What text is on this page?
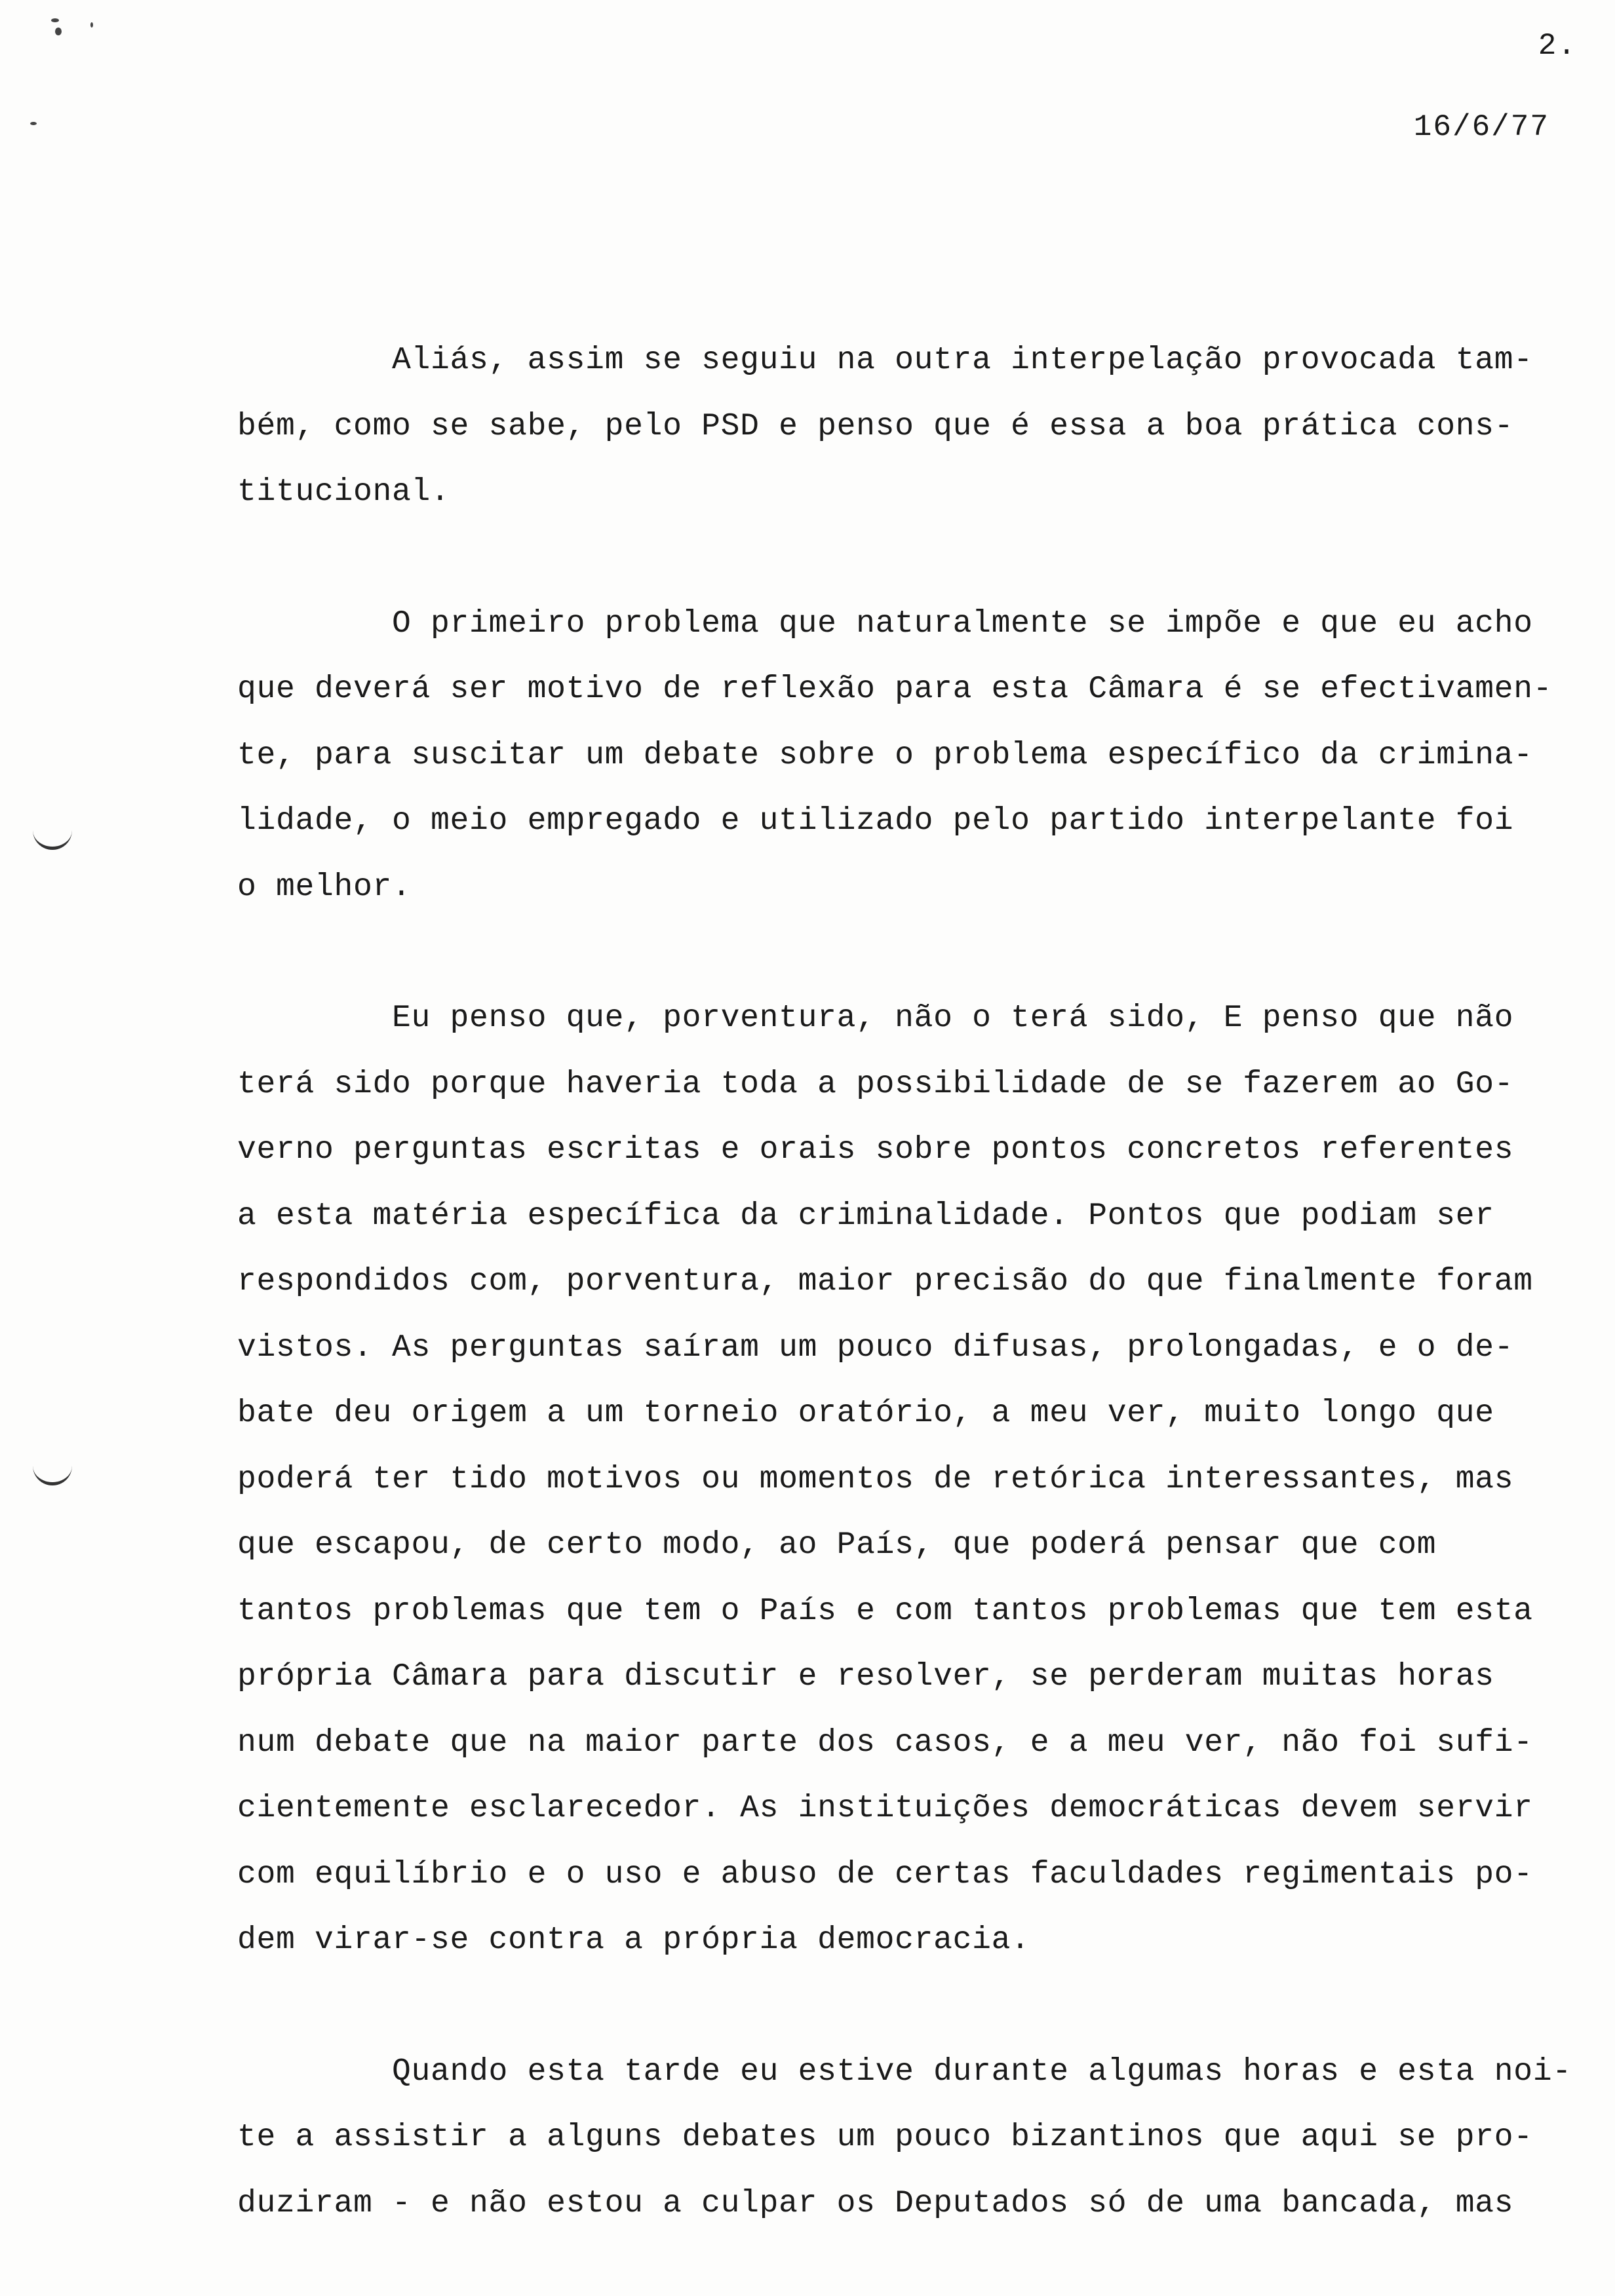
2.
16/6/77
Aliás, assim se seguiu na outra interpelação provocada tam-
bém, como se sabe, pelo PSD e penso que é essa a boa prática cons-
titucional.
O primeiro problema que naturalmente se impõe e que eu acho
que deverá ser motivo de reflexão para esta Câmara é se efectivamen-
te, para suscitar um debate sobre o problema específico da crimina-
lidade, o meio empregado e utilizado pelo partido interpelante foi
o melhor.
Eu penso que, porventura, não o terá sido, E penso que não
terá sido porque haveria toda a possibilidade de se fazerem ao Go-
verno perguntas escritas e orais sobre pontos concretos referentes
a esta matéria específica da criminalidade. Pontos que podiam ser
respondidos com, porventura, maior precisão do que finalmente foram
vistos. As perguntas saíram um pouco difusas, prolongadas, e o de-
bate deu origem a um torneio oratório, a meu ver, muito longo que
poderá ter tido motivos ou momentos de retórica interessantes, mas
que escapou, de certo modo, ao País, que poderá pensar que com
tantos problemas que tem o País e com tantos problemas que tem esta
própria Câmara para discutir e resolver, se perderam muitas horas
num debate que na maior parte dos casos, e a meu ver, não foi sufi-
cientemente esclarecedor. As instituições democráticas devem servir
com equilíbrio e o uso e abuso de certas faculdades regimentais po-
dem virar-se contra a própria democracia.
Quando esta tarde eu estive durante algumas horas e esta noi-
te a assistir a alguns debates um pouco bizantinos que aqui se pro-
duziram - e não estou a culpar os Deputados só de uma bancada, mas
